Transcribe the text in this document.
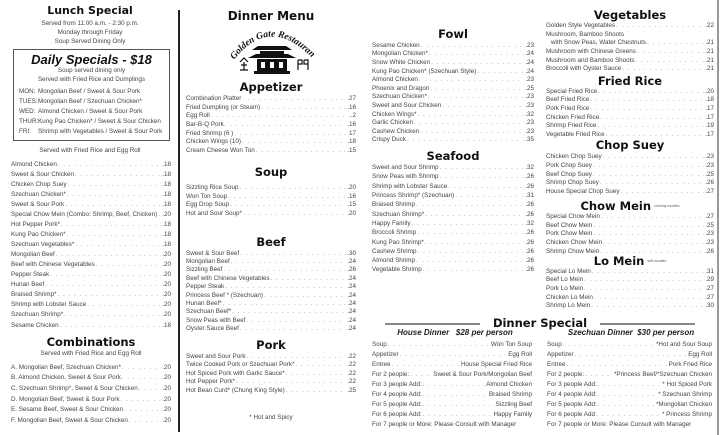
Lunch Special
Served from 11:00 a.m. - 2:30 p.m.
Monday through Friday
Soup Served Dining Only
Daily Specials - $18
Soup served dining only
Served with Fried Rice and Dumplings
MON: Mongolian Beef / Sweet & Sour Pork
TUES: Mongolian Beef / Szechuan Chicken*
WED: Almond Chicken / Sweet & Sour Pork
THUR: Kung Pao Chicken* / Sweet & Sour Chicken
FRI:	Shrimp with Vegetables / Sweet & Sour Pork
Served with Fried Rice and Egg Roll
Almond Chicken . . .	.18
Sweet & Sour Chicken . . .	.18
Chicken Chop Suey . . .	.18
Szechuan Chicken* . . .	.18
Sweet & Sour Pork . . .	.18
Special Chow Mein (Combo: Shrimp, Beef, Chicken) . . . .20
Hot Pepper Pork* . . .	.18
Kung Pao Chicken* . . .	.18
Szechuan Vegetables* . . .	.18
Mongolian Beef . . .	.20
Beef with Chinese Vegetables . . .	.20
Pepper Steak . . .	.20
Hunan Beef . . .	.20
Braised Shrimp* . . .	.20
Shrimp with Lobster Sauce . . .	.20
Szechuan Shrimp* . . .	.20
Sesame Chicken . . .	.18
Combinations
Served with Fried Rice and Egg Roll
A. Mongolian Beef, Szechuan Chicken* . . .	.20
B. Almond Chicken, Sweet & Sour Pork . . .	.20
C. Szechuan Shrimp*, Sweet & Sour Chicken . . .	.20
D. Mongolian Beef, Sweet & Sour Pork . . .	.20
E. Sesame Beef, Sweet & Sour Chicken . . .	.20
F. Mongolian Beef, Sweet & Sour Chicken . . .	.20
Dinner Menu
Golden Gate Restauran
Appetizer
Combination Platter . . .	.27
Fried Dumpling (or Steam) . . .	.16
Egg Roll . . .	.2
Bar-B-Q Pork . . .	.16
Fried Shrimp (6 ) . . .	17
Chicken Wings (10) . . .	.18
Cream Cheese Won Ton . . .	.15
Soup
Sizzling Rice Soup . . .	.20
Won Ton Soup . . .	.16
Egg Drop Soup . . .	.15
Hot and Sour Soup* . . .	.20
Beef
Sweet & Sour Beef . . .	.30
Mongolian Beef . . .	.24
Sizzling Beef . . .	.26
Beef with Chinese Vegetables . . .	.24
Pepper Steak . . .	.24
Princess Beef * (Szechuan) . . .	.24
Hunan Beef* . . .	.24
Szechuan Beef* . . .	.24
Snow Peas with Beef . . .	.24
Oyster Sauce Beef . . .	.24
Pork
Sweet and Sour Pork . . .	.22
Twice Cooked Pork or Szechuan Pork* . . .	.22
Hot Spiced Pork with Garlic Sauce* . . .	.22
Hot Pepper Pork* . . .	.22
Hot Bean Curd* (Chung King Style) . . .	.25
* Hot and Spicy
Fowl
Sesame Chicken . . .	.23
Mongolian Chicken* . . .	.24
Snow White Chicken . . .	.24
Kung Pao Chicken* (Szechuan Style) . . .	.24
Almond Chicken . . .	.23
Phoenix and Dragon . . .	.25
Szechuan Chicken* . . .	.23
Sweet and Sour Chicken . . .	.23
Chicken Wings* . . .	.32
Garlic Chicken . . .	.23
Cashew Chicken . . .	.23
Crispy Duck . . .	.35
Seafood
Sweet and Sour Shrimp . . .	.32
Snow Peas with Shrimp . . .	.26
Shrimp with Lobster Sauce . . .	.26
Princess Shrimp* (Szechuan) . . .	.31
Braised Shrimp . . .	.26
Szechuan Shrimp* . . .	.26
Happy Family . . .	.32
Broccoli Shrimp . . .	.26
Kung Pao Shrimp* . . .	.26
Cashew Shrimp . . .	.26
Almond Shrimp . . .	.26
Vegetable Shrimp . . .	.26
Vegetables
Golden Style Vegetables . . .	.22
Mushroom, Bamboo Shoots
with Snow Peas, Water Chestnuts . . .	.21
Mushroom with Chinese Greens . . .	.21
Mushroom and Bamboo Shoots . . .	.21
Broccoli with Oyster Sauce . . .	.21
Fried Rice
Special Fried Rice . . .	.20
Beef Fried Rice . . .	.18
Pork Fried Rice . . .	.17
Chicken Fried Rice . . .	.17
Shrimp Fried Rice . . .	.19
Vegetable Fried Rice . . .	.17
Chop Suey
Chicken Chop Suey . . .	.23
Pork Chop Suey . . .	.23
Beef Chop Suey . . .	.25
Shrimp Chop Suey . . .	.26
House Special Chop Suey . . .	.27
Chow Mein crunchy noodles
Special Chow Mein . . .	.27
Beef Chow Mein . . .	.25
Pork Chow Mein . . .	.23
Chicken Chow Mein . . .	.23
Shrimp Chow Mein . . .	.26
Lo Mein soft noodles
Special Lo Mein . . .	.31
Beef Lo Mein . . .	.29
Pork Lo Mein . . .	.27
Chicken Lo Mein . . .	.27
Shrimp Lo Mein . . .	.30
Dinner Special
House Dinner   $28 per person	Szechuan Dinner  $30 per person
Soup . . .	Won Ton Soup
Appetizer . . .	Egg Roll
Entree . . .	House Special Fried Rice
For 2 people: . . .	Sweet & Sour Pork/Mongolian Beef
For 3 people Add: . . .	Almond Chicken
For 4 people Add: . . .	Braised Shrimp
For 5 people Add: . . .	Sizzling Beef
For 6 people Add: . . .	Happy Family
For 7 people or More: Please Consult with Manager
Soup . . .	*Hot and Sour Soup
Appetizer . . .	Egg Roll
Entree . . .	Pork Fried Rice
For 2 people: . . .	*Princess Beef/*Szechuan Chicken
For 3 people Add: . . .	* Hot Spiced Pork
For 4 people Add: . . .	* Szechuan Shrimp
For 5 people Add: . . .	*Mongolian Chicken
For 6 people Add . . .	* Princess Shrimp
For 7 people or More: Please Consult with Manager
